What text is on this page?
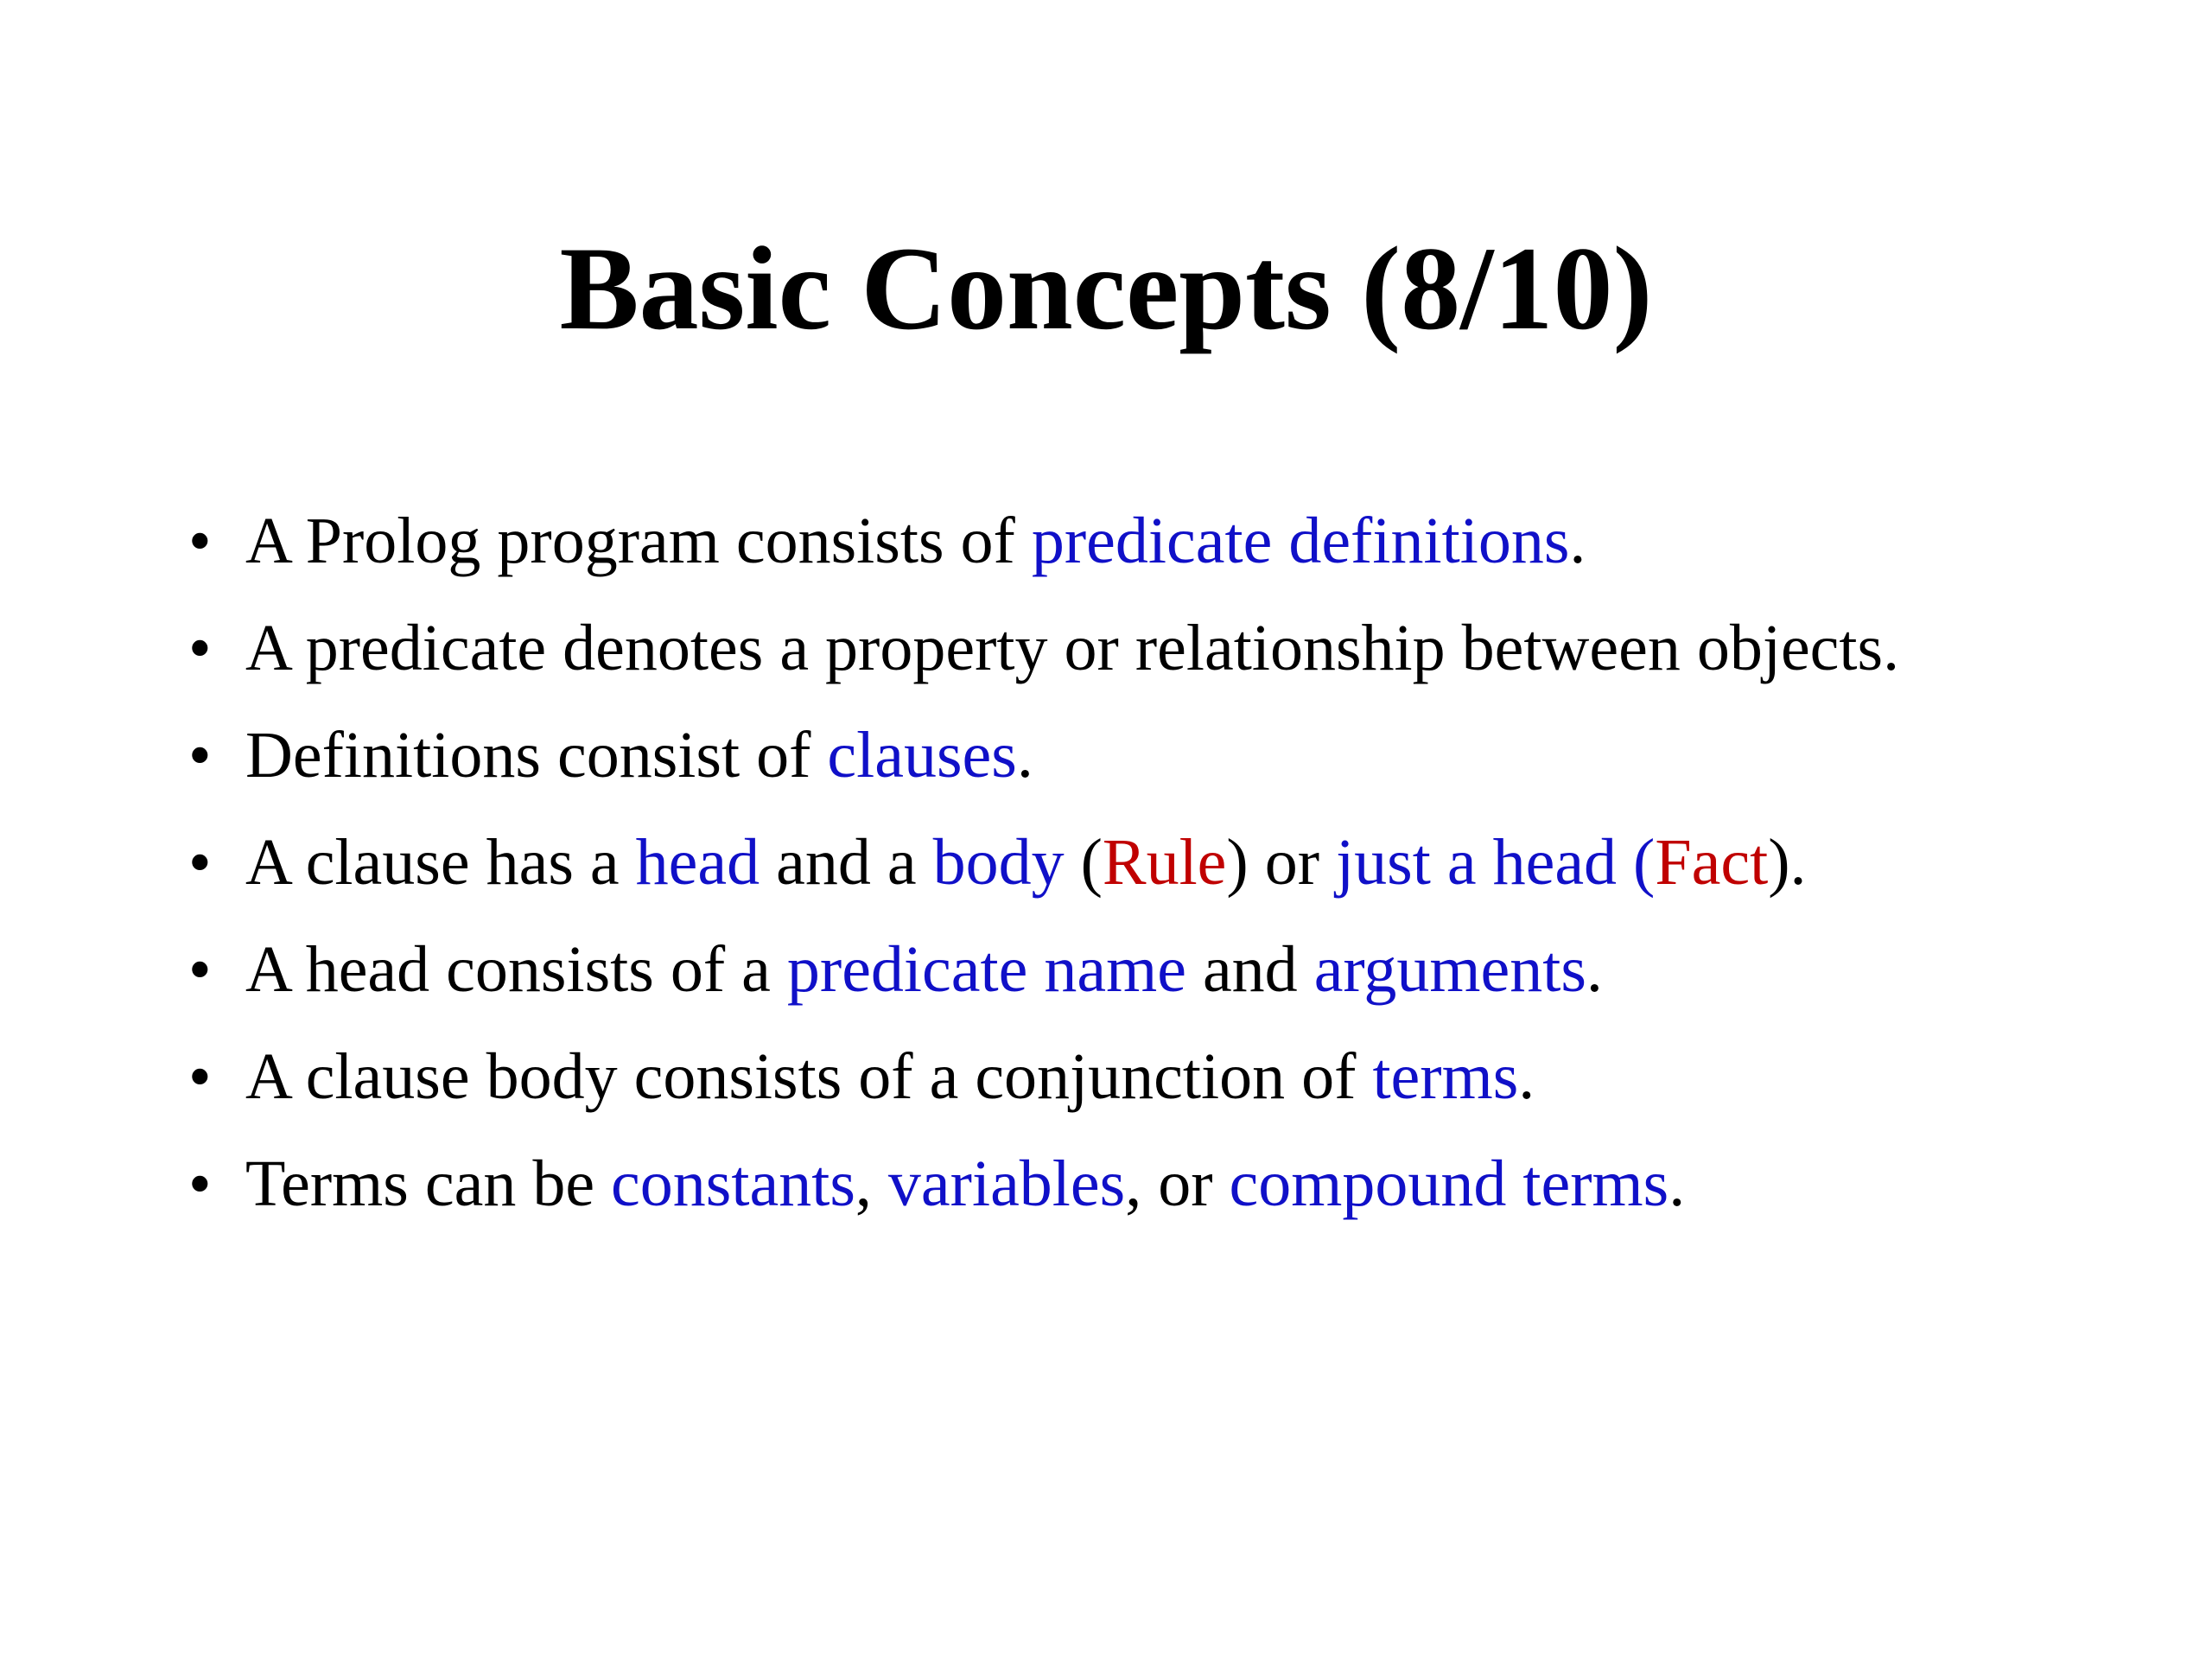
Basic Concepts (8/10)
• A Prolog program consists of predicate definitions.
• A predicate denotes a property or relationship between objects.
• Definitions consist of clauses.
• A clause has a head and a body (Rule) or just a head (Fact).
• A head consists of a predicate name and arguments.
• A clause body consists of a conjunction of terms.
• Terms can be constants, variables, or compound terms.
